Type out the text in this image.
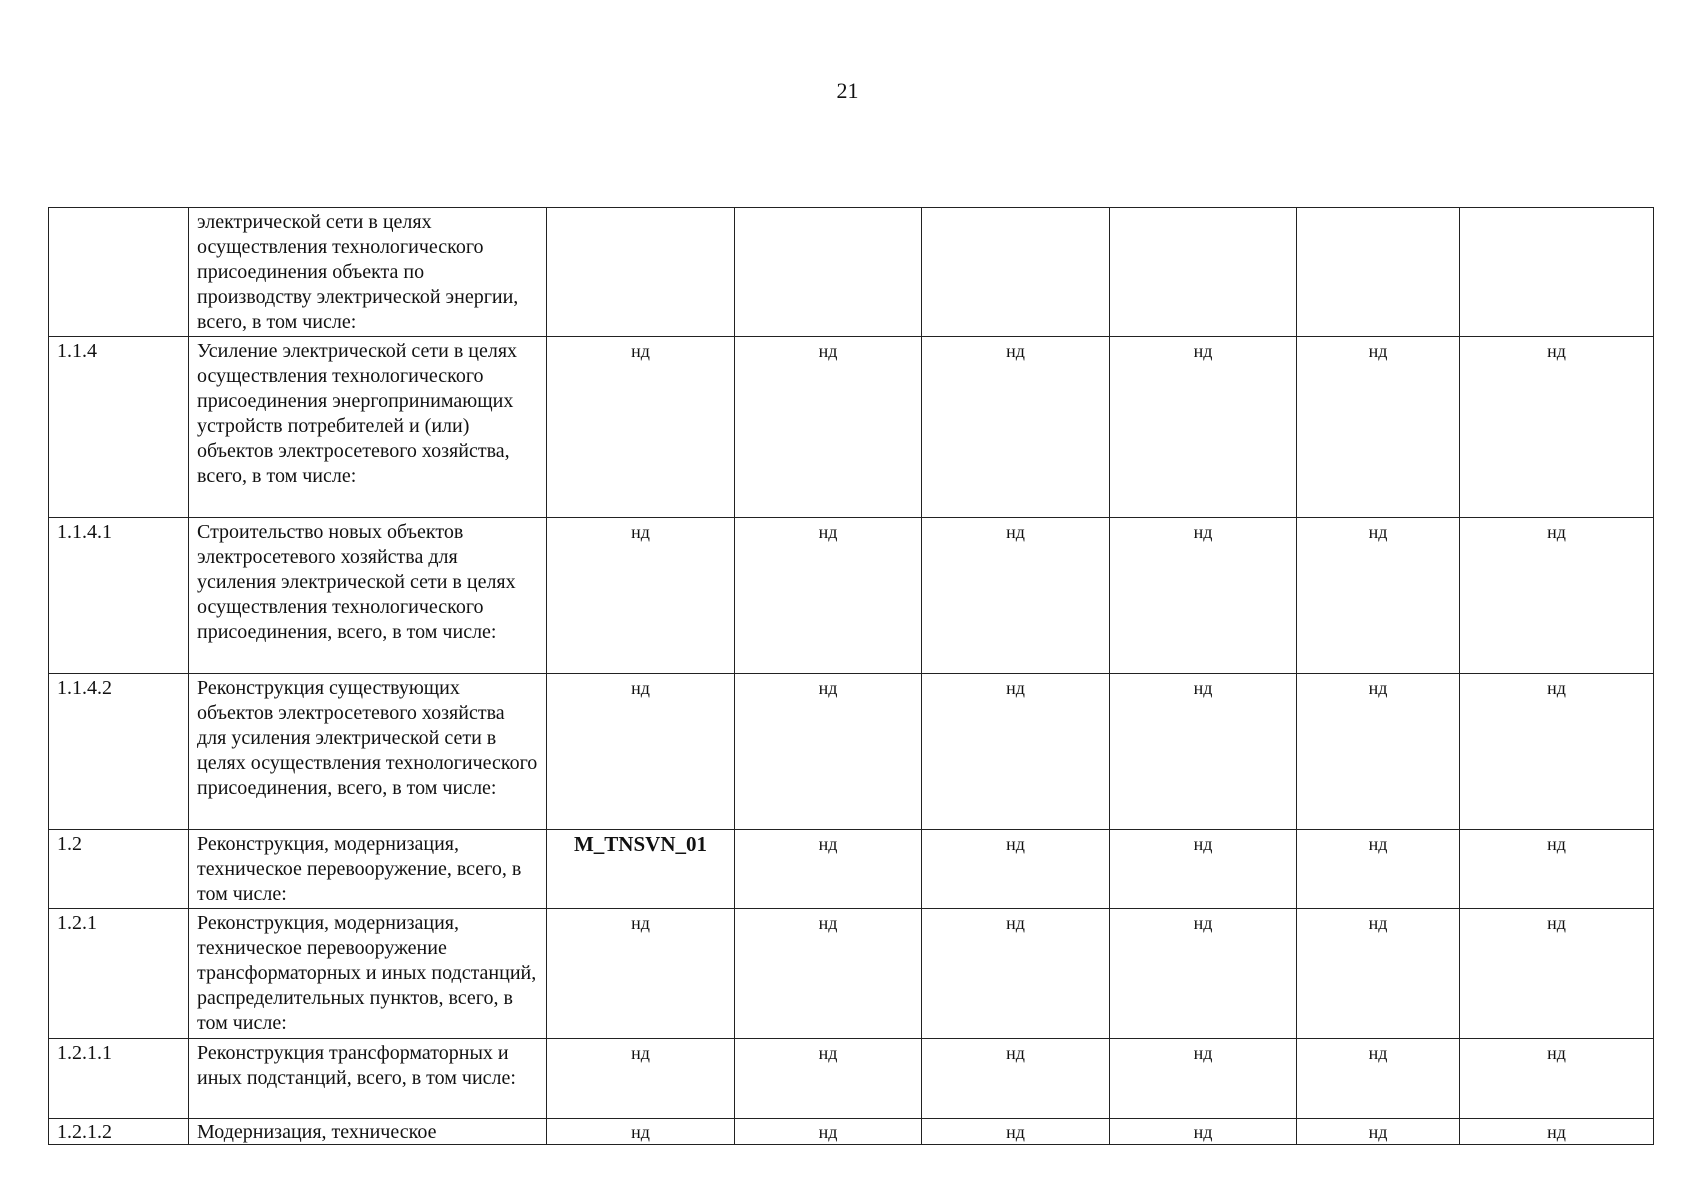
21
	электрической сети в целях осуществления технологического присоединения объекта по производству электрической энергии, всего, в том числе:						
1.1.4	Усиление электрической сети в целях осуществления технологического присоединения энергопринимающих устройств потребителей и (или) объектов электросетевого хозяйства, всего, в том числе:	нд	нд	нд	нд	нд	нд
1.1.4.1	Строительство новых объектов электросетевого хозяйства для усиления электрической сети в целях осуществления технологического присоединения, всего, в том числе:	нд	нд	нд	нд	нд	нд
1.1.4.2	Реконструкция существующих объектов электросетевого хозяйства для усиления электрической сети в целях осуществления технологического присоединения, всего, в том числе:	нд	нд	нд	нд	нд	нд
1.2	Реконструкция, модернизация, техническое перевооружение, всего, в том числе:	M_TNSVN_01	нд	нд	нд	нд	нд
1.2.1	Реконструкция, модернизация, техническое перевооружение трансформаторных и иных подстанций, распределительных пунктов, всего, в том числе:	нд	нд	нд	нд	нд	нд
1.2.1.1	Реконструкция трансформаторных и иных подстанций, всего, в том числе:	нд	нд	нд	нд	нд	нд
1.2.1.2	Модернизация, техническое	нд	нд	нд	нд	нд	нд
